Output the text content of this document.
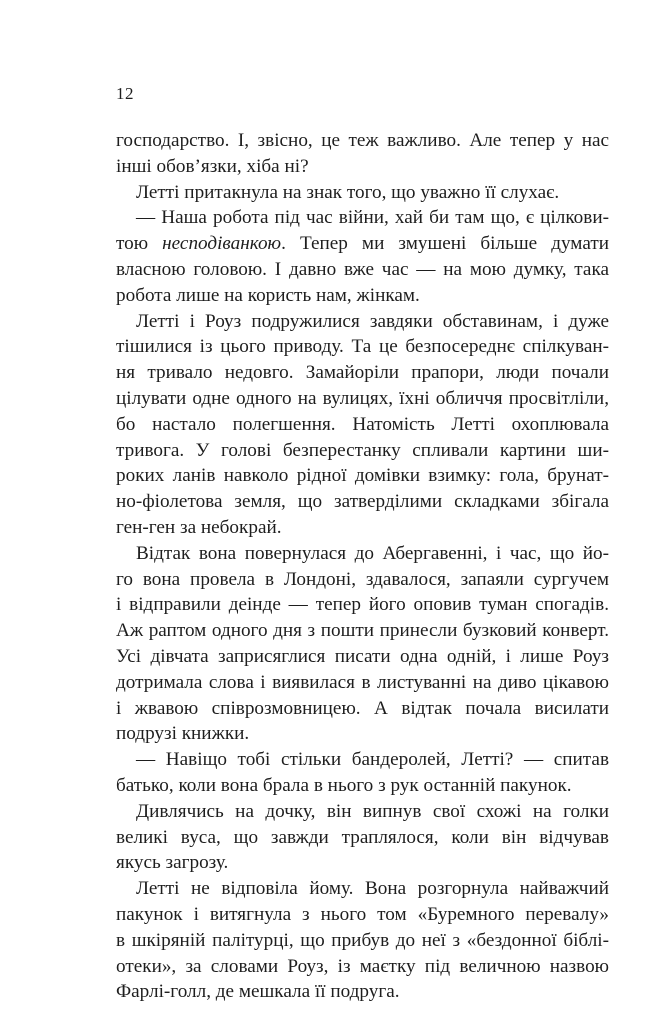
12
господарство. І, звісно, це теж важливо. Але тепер у нас
інші обов’язки, хіба ні?
Летті притакнула на знак того, що уважно її слухає.
— Наша робота під час війни, хай би там що, є цілкови-
тою несподіванкою. Тепер ми змушені більше думати
власною головою. І давно вже час — на мою думку, така
робота лише на користь нам, жінкам.
Летті і Роуз подружилися завдяки обставинам, і дуже
тішилися із цього приводу. Та це безпосереднє спілкуван-
ня тривало недовго. Замайоріли прапори, люди почали
цілувати одне одного на вулицях, їхні обличчя просвітліли,
бо настало полегшення. Натомість Летті охоплювала
тривога. У голові безперестанку спливали картини ши-
роких ланів навколо рідної домівки взимку: гола, брунат-
но-фіолетова земля, що затверділими складками збігала
ген-ген за небокрай.
Відтак вона повернулася до Абергавенні, і час, що йо-
го вона провела в Лондоні, здавалося, запаяли сургучем
і відправили деінде — тепер його оповив туман спогадів.
Аж раптом одного дня з пошти принесли бузковий конверт.
Усі дівчата заприсяглися писати одна одній, і лише Роуз
дотримала слова і виявилася в листуванні на диво цікавою
і жвавою співрозмовницею. А відтак почала висилати
подрузі книжки.
— Навіщо тобі стільки бандеролей, Летті? — спитав
батько, коли вона брала в нього з рук останній пакунок.
Дивлячись на дочку, він випнув свої схожі на голки
великі вуса, що завжди траплялося, коли він відчував
якусь загрозу.
Летті не відповіла йому. Вона розгорнула найважчий
пакунок і витягнула з нього том «Буремного перевалу»
в шкіряній палітурці, що прибув до неї з «бездонної біблі-
отеки», за словами Роуз, із маєтку під величною назвою
Фарлі-голл, де мешкала її подруга.
